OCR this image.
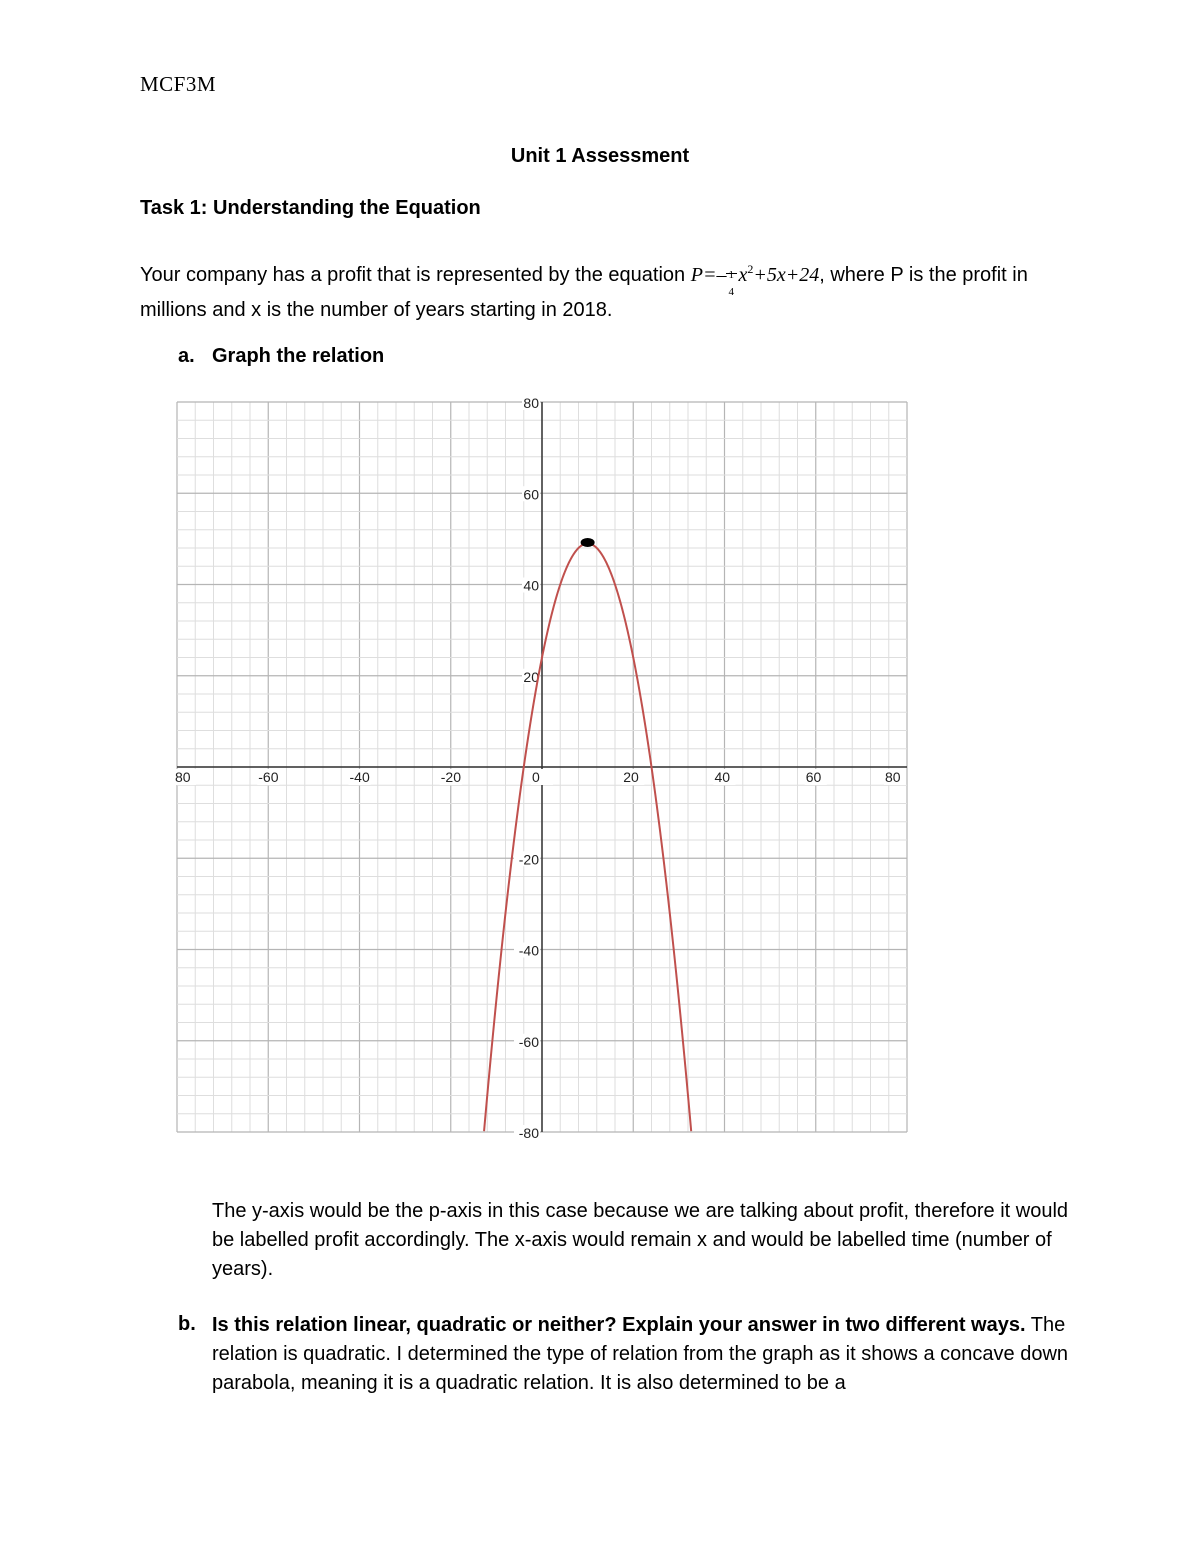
MCF3M
Unit 1 Assessment
Task 1: Understanding the Equation
Your company has a profit that is represented by the equation P=– 1
4
$x^2+5x+24$, where P is the profit in millions and x is the number of years starting in 2018.
a. Graph the relation
80	-60	-40	-20	0	20	40	60	80
80
60
40
20
-20
-40
-60
-80
The y-axis would be the p-axis in this case because we are talking about profit, therefore it would be labelled profit accordingly. The x-axis would remain x and would be labelled time (number of years).
b. Is this relation linear, quadratic or neither? Explain your answer in two different ways. The relation is quadratic. I determined the type of relation from the graph as it shows a concave down parabola, meaning it is a quadratic relation. It is also determined to be a
